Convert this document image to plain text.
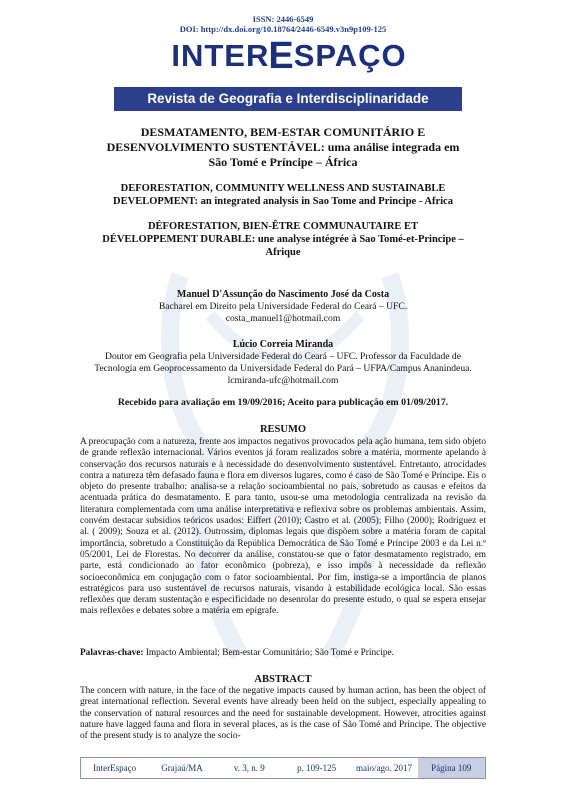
ISSN: 2446-6549
DOI: http://dx.doi.org/10.18764/2446-6549.v3n9p109-125
INTER E SPAÇO
Revista de Geografia e Interdisciplinaridade
DESMATAMENTO, BEM-ESTAR COMUNITÁRIO E
DESENVOLVIMENTO SUSTENTÁVEL: uma análise integrada em
São Tomé e Príncipe – África
DEFORESTATION, COMMUNITY WELLNESS AND SUSTAINABLE
DEVELOPMENT: an integrated analysis in Sao Tome and Principe - Africa
DÉFORESTATION, BIEN-ÊTRE COMMUNAUTAIRE ET
DÉVELOPPEMENT DURABLE: une analyse intégrée à Sao Tomé-et-Principe –
Afrique
Manuel D'Assunção do Nascimento José da Costa
Bacharel em Direito pela Universidade Federal do Ceará – UFC.
costa_manuel1@hotmail.com
Lúcio Correia Miranda
Doutor em Geografia pela Universidade Federal do Ceará – UFC. Professor da Faculdade de
Tecnologia em Geoprocessamento da Universidade Federal do Pará – UFPA/Campus Ananindeua.
lcmiranda-ufc@hotmail.com
Recebido para avaliação em 19/09/2016; Aceito para publicação em 01/09/2017.
RESUMO
A preocupação com a natureza, frente aos impactos negativos provocados pela ação humana, tem sido objeto de grande reflexão internacional. Vários eventos já foram realizados sobre a matéria, mormente apelando à conservação dos recursos naturais e à necessidade do desenvolvimento sustentável. Entretanto, atrocidades contra a natureza têm defasado fauna e flora em diversos lugares, como é caso de São Tomé e Príncipe. Eis o objeto do presente trabalho: analisa-se a relação socioambiental no país, sobretudo as causas e efeitos da acentuada prática do desmatamento. E para tanto, usou-se uma metodologia centralizada na revisão da literatura complementada com uma análise interpretativa e reflexiva sobre os problemas ambientais. Assim, convém destacar subsídios teóricos usados: Eiffert (2010); Castro et al. (2005); Filho (2000); Rodriguez et al. ( 2009); Souza et al. (2012). Outrossim, diplomas legais que dispõem sobre a matéria foram de capital importância, sobretudo a Constituição da República Democrática de São Tomé e Príncipe 2003 e da Lei n.º 05/2001, Lei de Florestas. No decorrer da análise, constatou-se que o fator desmatamento registrado, em parte, está condicionado ao fator econômico (pobreza), e isso impôs à necessidade da reflexão socioeconômica em conjugação com o fator socioambiental. Por fim, instiga-se a importância de planos estratégicos para uso sustentável de recursos naturais, visando à estabilidade ecológica local. São essas reflexões que deram sustentação e especificidade no desenrolar do presente estudo, o qual se espera ensejar mais reflexões e debates sobre a matéria em epígrafe.
Palavras-chave: Impacto Ambiental; Bem-estar Comunitário; São Tomé e Príncipe.
ABSTRACT
The concern with nature, in the face of the negative impacts caused by human action, has been the object of great international reflection. Several events have already been held on the subject, especially appealing to the conservation of natural resources and the need for sustainable development. However, atrocities against nature have lagged fauna and flora in several places, as is the case of São Tomé and Príncipe. The objective of the present study is to analyze the socio-
InterEspaço	Grajaú/MA	v. 3, n. 9	p. 109-125	maio/ago. 2017	Página 109
